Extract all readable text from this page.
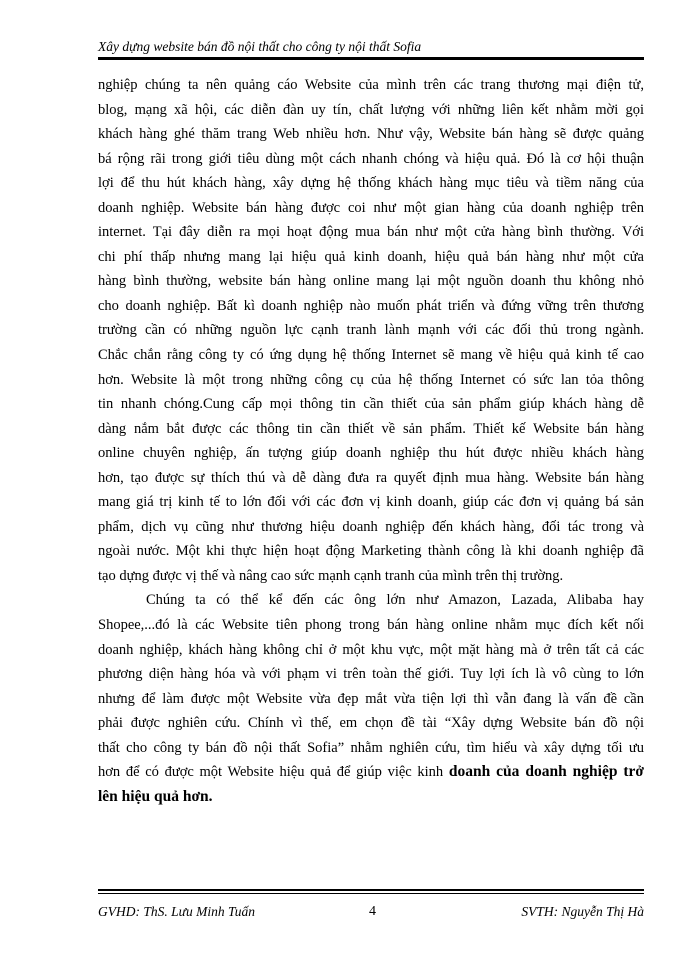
Xây dựng website bán đồ nội thất cho công ty nội thất Sofia
nghiệp chúng ta nên quảng cáo Website của mình trên các trang thương mại điện tử,
blog, mạng xã hội, các diễn đàn uy tín, chất lượng với những liên kết nhằm mời gọi
khách hàng ghé thăm trang Web nhiều hơn. Như vậy, Website bán hàng sẽ được quảng
bá rộng rãi trong giới tiêu dùng một cách nhanh chóng và hiệu quả. Đó là cơ hội thuận
lợi để thu hút khách hàng, xây dựng hệ thống khách hàng mục tiêu và tiềm năng của
doanh nghiệp. Website bán hàng được coi như một gian hàng của doanh nghiệp trên
internet. Tại đây diễn ra mọi hoạt động mua bán như một cửa hàng bình thường. Với
chi phí thấp nhưng mang lại hiệu quả kinh doanh, hiệu quả bán hàng như một cửa
hàng bình thường, website bán hàng online mang lại một nguồn doanh thu không nhỏ
cho doanh nghiệp. Bất kì doanh nghiệp nào muốn phát triển và đứng vững trên thương
trường cần có những nguồn lực cạnh tranh lành mạnh với các đối thủ trong ngành.
Chắc chắn rằng công ty có ứng dụng hệ thống Internet sẽ mang về hiệu quả kinh tế cao
hơn. Website là một trong những công cụ của hệ thống Internet có sức lan tỏa thông
tin nhanh chóng.Cung cấp mọi thông tin cần thiết của sản phẩm giúp khách hàng dễ
dàng nắm bắt được các thông tin cần thiết về sản phẩm. Thiết kế Website bán hàng
online chuyên nghiệp, ấn tượng giúp doanh nghiệp thu hút được nhiều khách hàng
hơn, tạo được sự thích thú và dễ dàng đưa ra quyết định mua hàng. Website bán hàng
mang giá trị kinh tế to lớn đối với các đơn vị kinh doanh, giúp các đơn vị quảng bá sản
phẩm, dịch vụ cũng như thương hiệu doanh nghiệp đến khách hàng, đối tác trong và
ngoài nước. Một khi thực hiện hoạt động Marketing thành công là khi doanh nghiệp đã
tạo dựng được vị thế và nâng cao sức mạnh cạnh tranh của mình trên thị trường.
Chúng ta có thể kể đến các ông lớn như Amazon, Lazada, Alibaba hay
Shopee,...đó là các Website tiên phong trong bán hàng online nhằm mục đích kết nối
doanh nghiệp, khách hàng không chỉ ở một khu vực, một mặt hàng mà ở trên tất cả các
phương diện hàng hóa và với phạm vi trên toàn thế giới. Tuy lợi ích là vô cùng to lớn
nhưng để làm được một Website vừa đẹp mắt vừa tiện lợi thì vẫn đang là vấn đề cần
phải được nghiên cứu. Chính vì thế, em chọn đề tài “Xây dựng Website bán đồ nội
thất cho công ty bán đồ nội thất Sofia” nhằm nghiên cứu, tìm hiểu và xây dựng tối ưu
hơn để có được một Website hiệu quả để giúp việc kinh doanh của doanh nghiệp trở
lên hiệu quả hơn.
GVHD: ThS. Lưu Minh Tuấn	4	SVTH: Nguyễn Thị Hà
